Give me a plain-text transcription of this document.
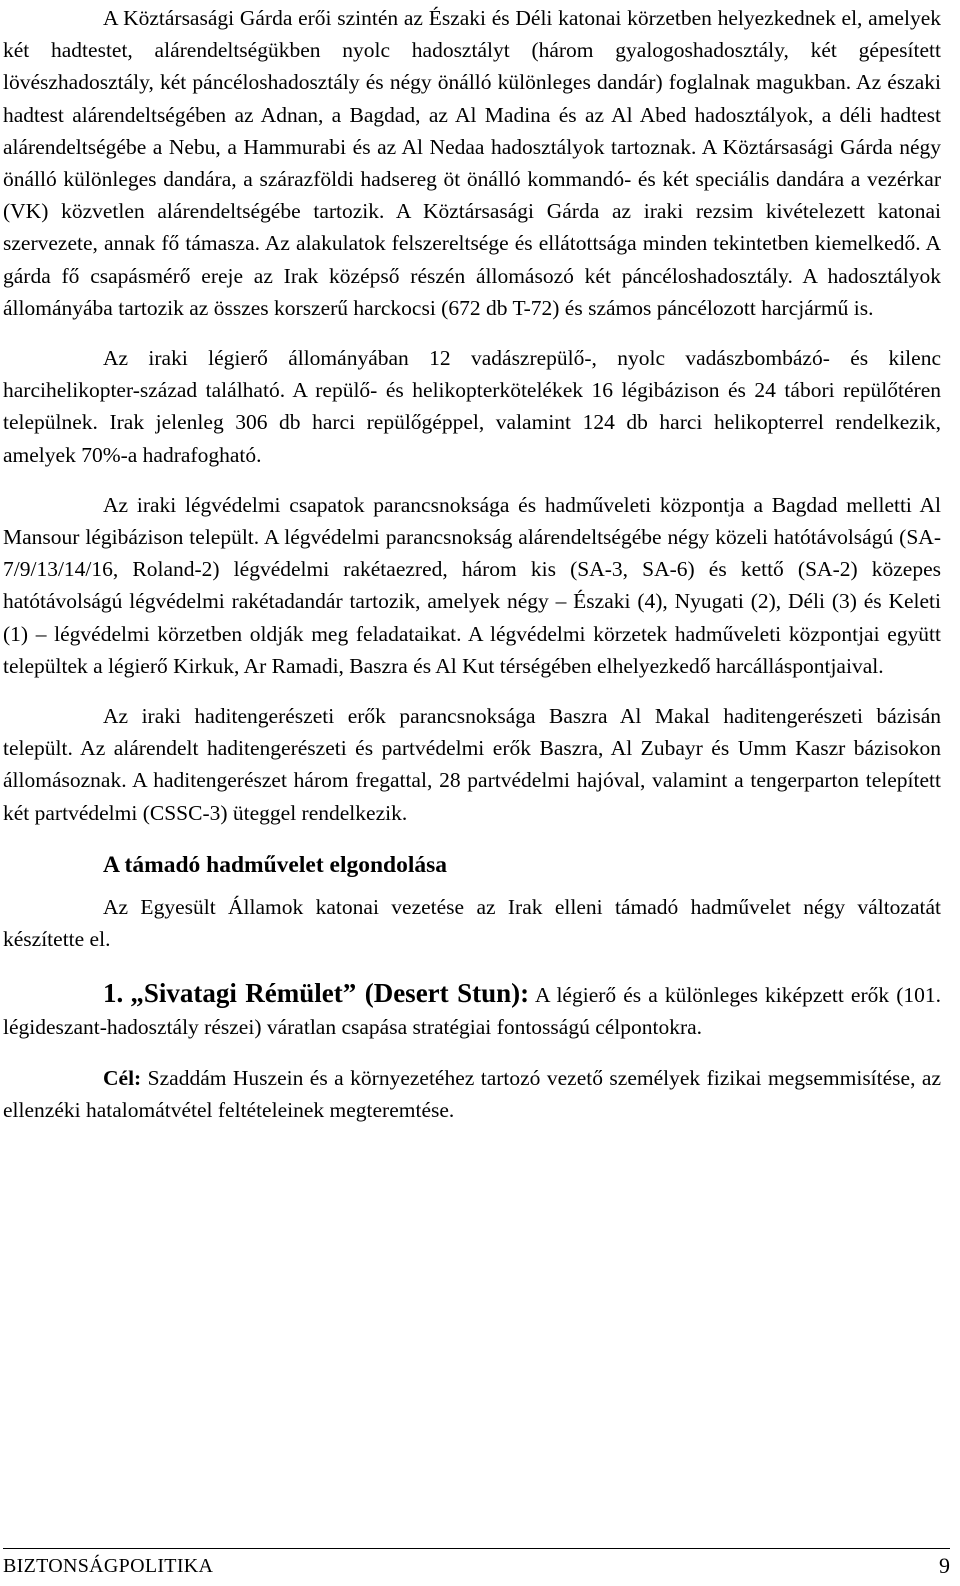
A Köztársasági Gárda erői szintén az Északi és Déli katonai körzetben helyezkednek el, amelyek két hadtestet, alárendeltségükben nyolc hadosztályt (három gyalogoshadosztály, két gépesített lövészhadosztály, két páncéloshadosztály és négy önálló különleges dandár) foglalnak magukban. Az északi hadtest alárendeltségében az Adnan, a Bagdad, az Al Madina és az Al Abed hadosztályok, a déli hadtest alárendeltségébe a Nebu, a Hammurabi és az Al Nedaa hadosztályok tartoznak. A Köztársasági Gárda négy önálló különleges dandára, a szárazföldi hadsereg öt önálló kommandó- és két speciális dandára a vezérkar (VK) közvetlen alárendeltségébe tartozik. A Köztársasági Gárda az iraki rezsim kivételezett katonai szervezete, annak fő támasza. Az alakulatok felszereltsége és ellátottsága minden tekintetben kiemelkedő. A gárda fő csapásmérő ereje az Irak középső részén állomásozó két páncéloshadosztály. A hadosztályok állományába tartozik az összes korszerű harckocsi (672 db T-72) és számos páncélozott harcjármű is.

Az iraki légierő állományában 12 vadászrepülő-, nyolc vadászbombázó- és kilenc harcihelikopter-század található. A repülő- és helikopterkötelékek 16 légibázison és 24 tábori repülőtéren települnek. Irak jelenleg 306 db harci repülőgéppel, valamint 124 db harci helikopterrel rendelkezik, amelyek 70%-a hadrafogható.

Az iraki légvédelmi csapatok parancsnoksága és hadműveleti központja a Bagdad melletti Al Mansour légibázison települt. A légvédelmi parancsnokság alárendeltségébe négy közeli hatótávolságú (SA-7/9/13/14/16, Roland-2) légvédelmi rakétaezred, három kis (SA-3, SA-6) és kettő (SA-2) közepes hatótávolságú légvédelmi rakétadandár tartozik, amelyek négy – Északi (4), Nyugati (2), Déli (3) és Keleti (1) – légvédelmi körzetben oldják meg feladataikat. A légvédelmi körzetek hadműveleti központjai együtt települtek a légierő Kirkuk, Ar Ramadi, Baszra és Al Kut térségében elhelyezkedő harcálláspontjaival.

Az iraki haditengerészeti erők parancsnoksága Baszra Al Makal haditengerészeti bázisán települt. Az alárendelt haditengerészeti és partvédelmi erők Baszra, Al Zubayr és Umm Kaszr bázisokon állomásoznak. A haditengerészet három fregattal, 28 partvédelmi hajóval, valamint a tengerparton telepített két partvédelmi (CSSC-3) üteggel rendelkezik.

A támadó hadművelet elgondolása

Az Egyesült Államok katonai vezetése az Irak elleni támadó hadművelet négy változatát készítette el.

1. „Sivatagi Rémület” (Desert Stun): A légierő és a különleges kiképzett erők (101. légideszant-hadosztály részei) váratlan csapása stratégiai fontosságú célpontokra.

Cél: Szaddám Huszein és a környezetéhez tartozó vezető személyek fizikai megsemmisítése, az ellenzéki hatalomátvétel feltételeinek megteremtése.

BIZTONSÁGPOLITIKA	9
